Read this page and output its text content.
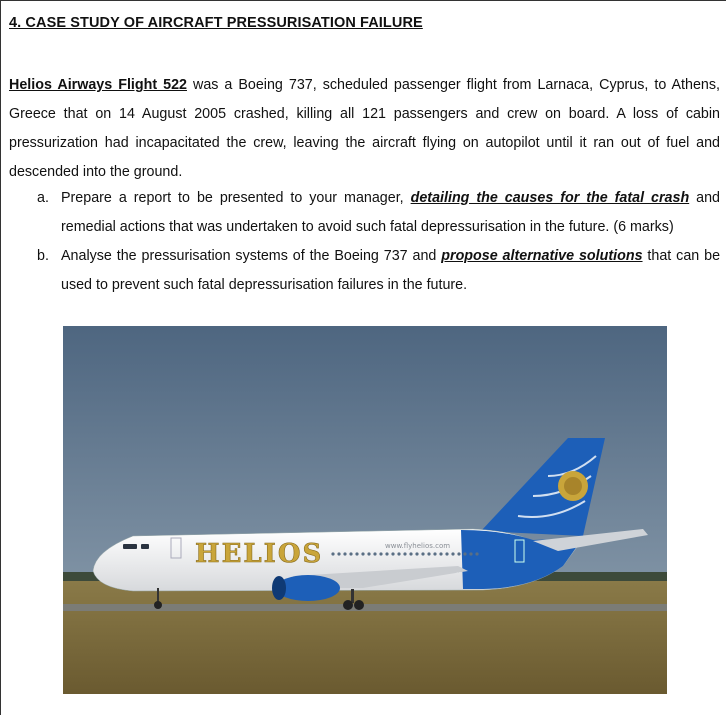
4. CASE STUDY OF AIRCRAFT PRESSURISATION FAILURE
Helios Airways Flight 522 was a Boeing 737, scheduled passenger flight from Larnaca, Cyprus, to Athens, Greece that on 14 August 2005 crashed, killing all 121 passengers and crew on board. A loss of cabin pressurization had incapacitated the crew, leaving the aircraft flying on autopilot until it ran out of fuel and descended into the ground.
a. Prepare a report to be presented to your manager, detailing the causes for the fatal crash and remedial actions that was undertaken to avoid such fatal depressurisation in the future. (6 marks)
b. Analyse the pressurisation systems of the Boeing 737 and propose alternative solutions that can be used to prevent such fatal depressurisation failures in the future.
HELIOS	www.flyhelios.com
